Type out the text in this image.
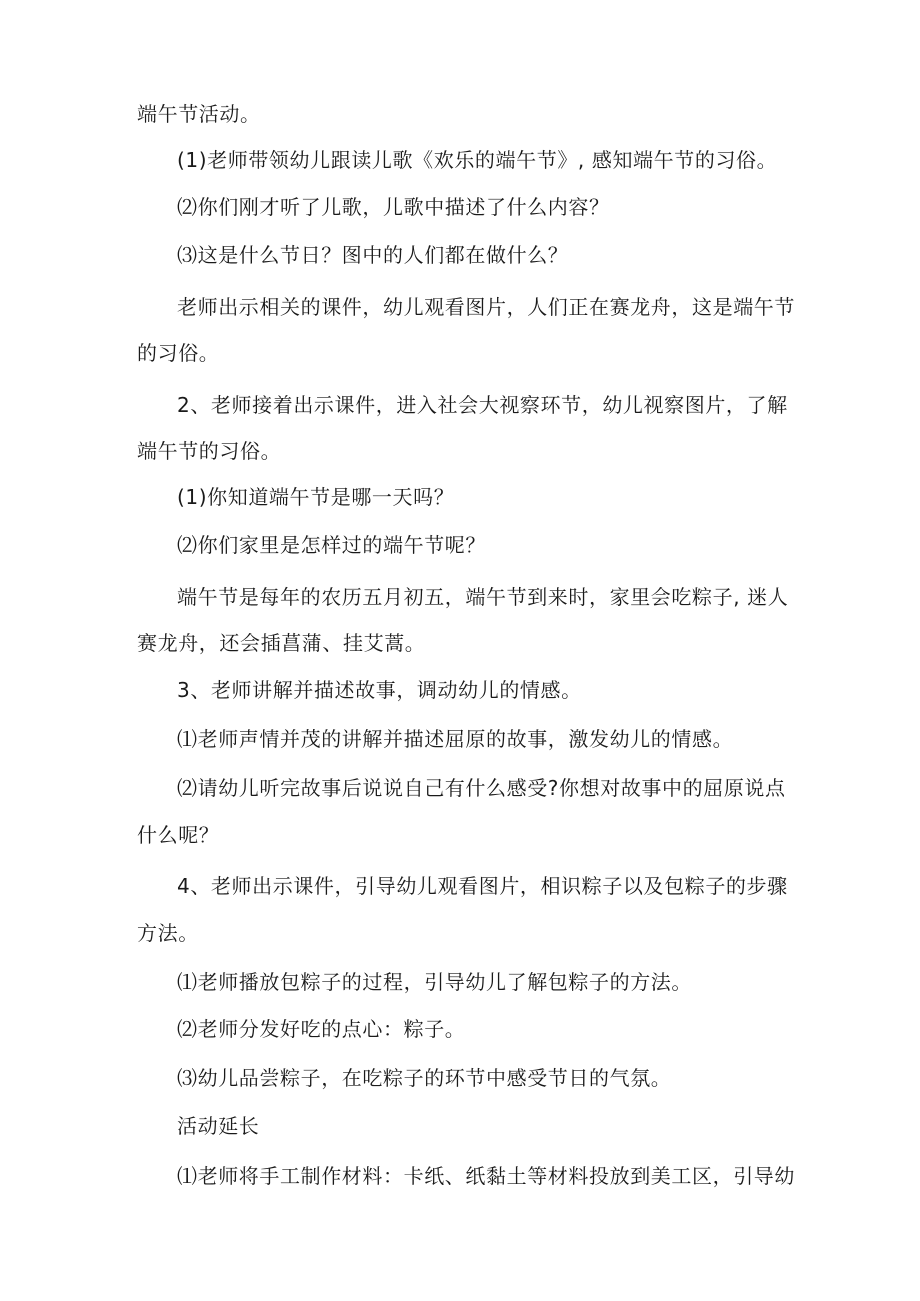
端午节活动。
(1)老师带领幼儿跟读儿歌《欢乐的端午节》, 感知端午节的习俗。
⑵你们刚才听了儿歌，儿歌中描述了什么内容？
⑶这是什么节日？图中的人们都在做什么？
老师出示相关的课件，幼儿观看图片，人们正在赛龙舟，这是端午节
的习俗。
2、老师接着出示课件，进入社会大视察环节，幼儿视察图片，了解
端午节的习俗。
(1)你知道端午节是哪一天吗？
⑵你们家里是怎样过的端午节呢？
端午节是每年的农历五月初五，端午节到来时，家里会吃粽子, 迷人
赛龙舟，还会插菖蒲、挂艾蒿。
3、老师讲解并描述故事，调动幼儿的情感。
⑴老师声情并茂的讲解并描述屈原的故事，激发幼儿的情感。
⑵请幼儿听完故事后说说自己有什么感受?你想对故事中的屈原说点
什么呢？
4、老师出示课件，引导幼儿观看图片，相识粽子以及包粽子的步骤
方法。
⑴老师播放包粽子的过程，引导幼儿了解包粽子的方法。
⑵老师分发好吃的点心：粽子。
⑶幼儿品尝粽子，在吃粽子的环节中感受节日的气氛。
活动延长
⑴老师将手工制作材料：卡纸、纸黏土等材料投放到美工区，引导幼
